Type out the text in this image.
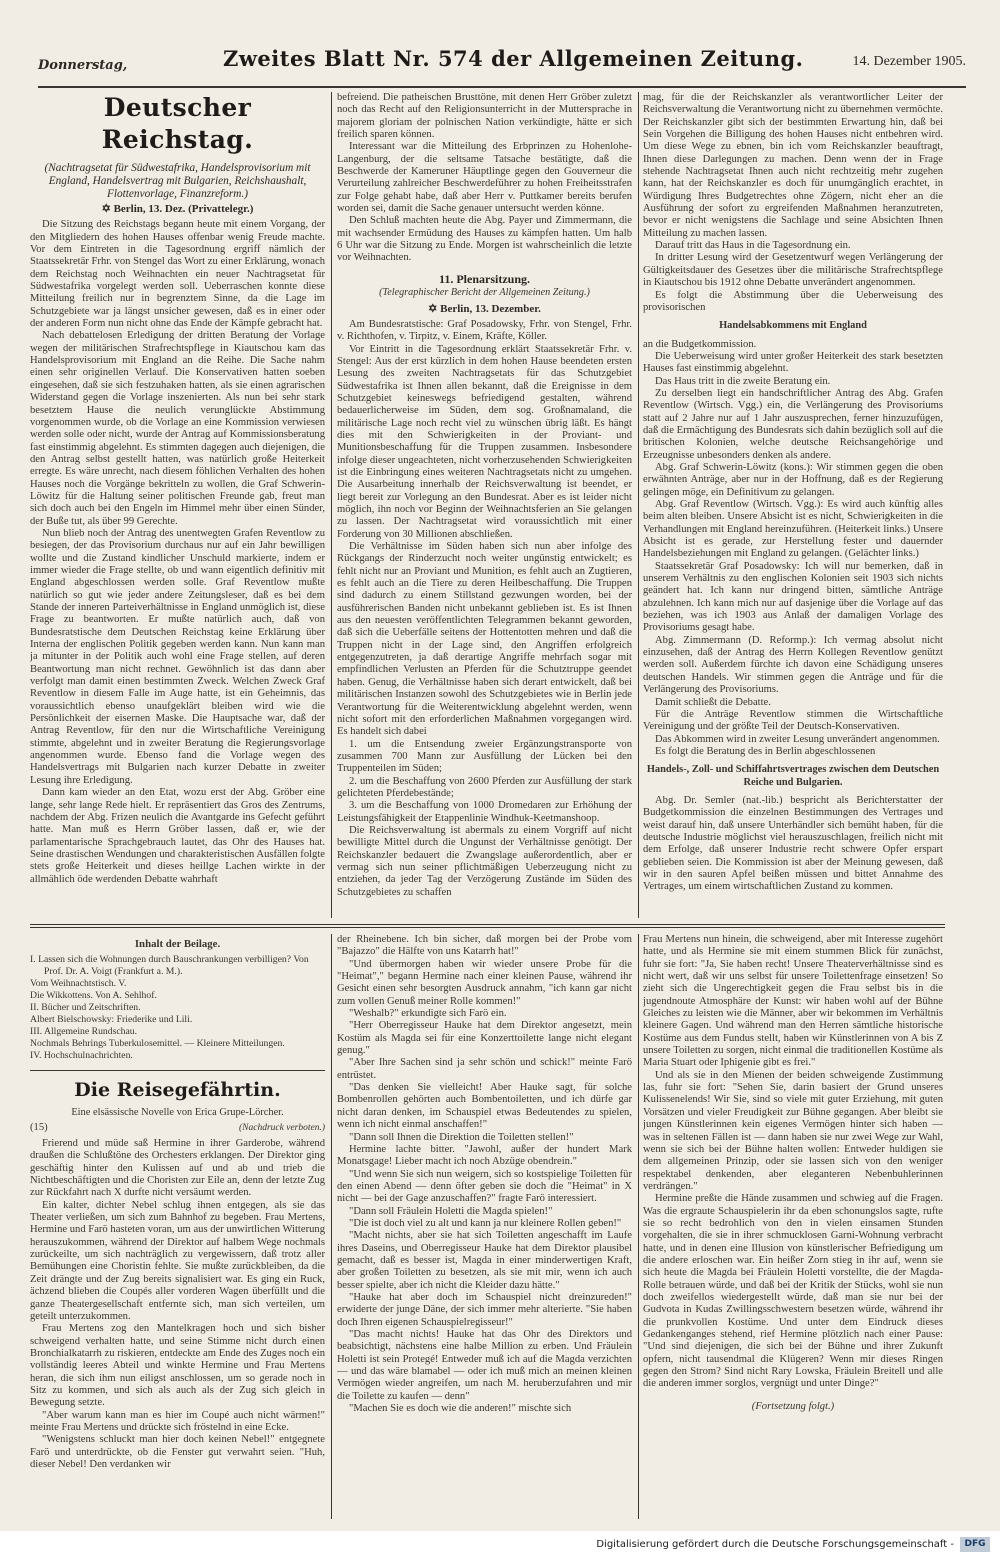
Donnerstag,	Zweites Blatt Nr. 574 der Allgemeinen Zeitung.	14. Dezember 1905.
Deutscher Reichstag.
(Nachtragsetat für Südwestafrika, Handelsprovisorium mit England, Handelsvertrag mit Bulgarien, Reichshaushalt, Flottenvorlage, Finanzreform.)
✡ Berlin, 13. Dez. (Privattelegr.)

Die Sitzung des Reichstags begann heute mit einem Vorgang, der den Mitgliedern des hohen Hauses offenbar wenig Freude machte. Vor dem Eintreten in die Tagesordnung ergriff nämlich der Staatssekretär Frhr. von Stengel das Wort zu einer Erklärung, wonach dem Reichstag noch Weihnachten ein neuer Nachtragsetat für Südwestafrika vorgelegt werden soll. Ueberraschen konnte diese Mitteilung freilich nur in begrenztem Sinne, da die Lage im Schutzgebiete war ja längst unsicher gewesen, daß es in einer oder der anderen Form nun nicht ohne das Ende der Kämpfe gebracht hat.

Nach debattelosen Erledigung der dritten Beratung der Vorlage wegen der militärischen Strafrechtspflege in Kiautschou kam das Handelsprovisorium mit England an die Reihe. Die Sache nahm einen sehr originellen Verlauf. Die Konservativen hatten soeben eingesehen, daß sie sich festzuhaken hatten, als sie einen agrarischen Widerstand gegen die Vorlage inszenierten. Als nun bei sehr stark besetztem Hause die neulich verunglückte Abstimmung vorgenommen wurde, ob die Vorlage an eine Kommission verwiesen werden solle oder nicht, wurde der Antrag auf Kommissionsberatung fast einstimmig abgelehnt. Es stimmten dagegen auch diejenigen, die den Antrag selbst gestellt hatten, was natürlich große Heiterkeit erregte. Es wäre unrecht, nach diesem föhlichen Verhalten des hohen Hauses noch die Vorgänge bekritteln zu wollen, die Graf Schwerin-Löwitz für die Haltung seiner politischen Freunde gab, freut man sich doch auch bei den Engeln im Himmel mehr über einen Sünder, der Buße tut, als über 99 Gerechte.

Nun blieb noch der Antrag des unentwegten Grafen Reventlow zu besiegen, der das Provisorium durchaus nur auf ein Jahr bewilligen wollte und die Zustand kindlicher Unschuld markierte, indem er immer wieder die Frage stellte, ob und wann eigentlich definitiv mit England abgeschlossen werden solle. Graf Reventlow mußte natürlich so gut wie jeder andere Zeitungsleser, daß es bei dem Stande der inneren Parteiverhältnisse in England unmöglich ist, diese Frage zu beantworten. Er mußte natürlich auch, daß von Bundesratstische dem Deutschen Reichstag keine Erklärung über Interna der englischen Politik gegeben werden kann. Nun kann man ja mitunter in der Politik auch wohl eine Frage stellen, auf deren Beantwortung man nicht rechnet. Gewöhnlich ist das dann aber verfolgt man damit einen bestimmten Zweck. Welchen Zweck Graf Reventlow in diesem Falle im Auge hatte, ist ein Geheimnis, das voraussichtlich ebenso unaufgeklärt bleiben wird wie die Persönlichkeit der eisernen Maske. Die Hauptsache war, daß der Antrag Reventlow, für den nur die Wirtschaftliche Vereinigung stimmte, abgelehnt und in zweiter Beratung die Regierungsvorlage angenommen wurde. Ebenso fand die Vorlage wegen des Handelsvertrags mit Bulgarien nach kurzer Debatte in zweiter Lesung ihre Erledigung.

Dann kam wieder an den Etat, wozu erst der Abg. Gröber eine lange, sehr lange Rede hielt. Er repräsentiert das Gros des Zentrums, nachdem der Abg. Frizen neulich die Avantgarde ins Gefecht geführt hatte. Man muß es Herrn Gröber lassen, daß er, wie der parlamentarische Sprachgebrauch lautet, das Ohr des Hauses hat. Seine drastischen Wendungen und charakteristischen Ausfällen folgte stets große Heiterkeit und dieses heillge Lachen wirkte in der allmählich öde werdenden Debatte wahrhaft

befreiend. Die patheischen Brusttöne, mit denen Herr Gröber zuletzt noch das Recht auf den Religionsunterricht in der Muttersprache in majorem gloriam der polnischen Nation verkündigte, hätte er sich freilich sparen können.

Interessant war die Mitteilung des Erbprinzen zu Hohenlohe-Langenburg, der die seltsame Tatsache bestätigte, daß die Beschwerde der Kameruner Häuptlinge gegen den Gouverneur die Verurteilung zahlreicher Beschwerdeführer zu hohen Freiheitsstrafen zur Folge gehabt habe, daß aber Herr v. Puttkamer bereits berufen worden sei, damit die Sache genauer untersucht werden könne.

Den Schluß machten heute die Abg. Payer und Zimmermann, die mit wachsender Ermüdung des Hauses zu kämpfen hatten. Um halb 6 Uhr war die Sitzung zu Ende. Morgen ist wahrscheinlich die letzte vor Weihnachten.

11. Plenarsitzung.
(Telegraphischer Bericht der Allgemeinen Zeitung.)
✡ Berlin, 13. Dezember.

Am Bundesratstische: Graf Posadowsky, Frhr. von Stengel, Frhr. v. Richthofen, v. Tirpitz, v. Einem, Kräfte, Köller.

Vor Eintritt in die Tagesordnung erklärt Staatssekretär Frhr. v. Stengel: Aus der erst kürzlich in dem hohen Hause beendeten ersten Lesung des zweiten Nachtragsetats für das Schutzgebiet Südwestafrika ist Ihnen allen bekannt, daß die Ereignisse in dem Schutzgebiet keineswegs befriedigend gestalten, während bedauerlicherweise im Süden, dem sog. Großnamaland, die militärische Lage noch recht viel zu wünschen übrig läßt. Es hängt dies mit den Schwierigkeiten in der Proviant- und Munitionsbeschaffung für die Truppen zusammen. Insbesondere infolge dieser ungeachteten, nicht vorherzusehenden Schwierigkeiten ist die Einbringung eines weiteren Nachtragsetats nicht zu umgehen. Die Ausarbeitung innerhalb der Reichsverwaltung ist beendet, er liegt bereit zur Vorlegung an den Bundesrat. Aber es ist leider nicht möglich, ihn noch vor Beginn der Weihnachtsferien an Sie gelangen zu lassen. Der Nachtragsetat wird voraussichtlich mit einer Forderung von 30 Millionen abschließen.

Die Verhältnisse im Süden haben sich nun aber infolge des Rückgangs der Rinderzucht noch weiter ungünstig entwickelt; es fehlt nicht nur an Proviant und Munition, es fehlt auch an Zugtieren, es fehlt auch an die Tiere zu deren Heilbeschaffung. Die Truppen sind dadurch zu einem Stillstand gezwungen worden, bei der ausführerischen Banden nicht unbekannt geblieben ist. Es ist Ihnen aus den neuesten veröffentlichten Telegrammen bekannt geworden, daß sich die Ueberfälle seitens der Hottentotten mehren und daß die Truppen nicht in der Lage sind, den Angriffen erfolgreich entgegenzutreten, ja daß derartige Angriffe mehrfach sogar mit empfindlichen Verlusten an Pferden für die Schutztruppe geendet haben. Genug, die Verhältnisse haben sich derart entwickelt, daß bei militärischen Instanzen sowohl des Schutzgebietes wie in Berlin jede Verantwortung für die Weiterentwicklung abgelehnt werden, wenn nicht sofort mit den erforderlichen Maßnahmen vorgegangen wird. Es handelt sich dabei

1. um die Entsendung zweier Ergänzungstransporte von zusammen 700 Mann zur Ausfüllung der Lücken bei den Truppenteilen im Süden;

2. um die Beschaffung von 2600 Pferden zur Ausfüllung der stark gelichteten Pferdebestände;

3. um die Beschaffung von 1000 Dromedaren zur Erhöhung der Leistungsfähigkeit der Etappenlinie Windhuk-Keetmanshoop.

Die Reichsverwaltung ist abermals zu einem Vorgriff auf nicht bewilligte Mittel durch die Ungunst der Verhältnisse genötigt. Der Reichskanzler bedauert die Zwangslage außerordentlich, aber er vermag sich nun seiner pflichtmäßigen Ueberzeugung nicht zu entziehen, da jeder Tag der Verzögerung Zustände im Süden des Schutzgebietes zu schaffen

mag, für die der Reichskanzler als verantwortlicher Leiter der Reichsverwaltung die Verantwortung nicht zu übernehmen vermöchte. Der Reichskanzler gibt sich der bestimmten Erwartung hin, daß bei Sein Vorgehen die Billigung des hohen Hauses nicht entbehren wird. Um diese Wege zu ebnen, bin ich vom Reichskanzler beauftragt, Ihnen diese Darlegungen zu machen. Denn wenn der in Frage stehende Nachtragsetat Ihnen auch nicht rechtzeitig mehr zugehen kann, hat der Reichskanzler es doch für unumgänglich erachtet, in Würdigung Ihres Budgetrechtes ohne Zögern, nicht eher an die Ausführung der sofort zu ergreifenden Maßnahmen heranzutreten, bevor er nicht wenigstens die Sachlage und seine Absichten Ihnen Mitteilung zu machen lassen.

Darauf tritt das Haus in die Tagesordnung ein.

In dritter Lesung wird der Gesetzentwurf wegen Verlängerung der Gültigkeitsdauer des Gesetzes über die militärische Strafrechtspflege in Kiautschou bis 1912 ohne Debatte unverändert angenommen.

Es folgt die Abstimmung über die Ueberweisung des provisorischen

Handelsabkommens mit England

an die Budgetkommission.

Die Ueberweisung wird unter großer Heiterkeit des stark besetzten Hauses fast einstimmig abgelehnt.

Das Haus tritt in die zweite Beratung ein.

Zu derselben liegt ein handschriftlicher Antrag des Abg. Grafen Reventlow (Wirtsch. Vgg.) ein, die Verlängerung des Provisoriums statt auf 2 Jahre nur auf 1 Jahr auszusprechen, ferner hinzuzufügen, daß die Ermächtigung des Bundesrats sich dahin bezüglich soll auf die britischen Kolonien, welche deutsche Reichsangehörige und Erzeugnisse unbesonders denken als andere.

Abg. Graf Schwerin-Löwitz (kons.): Wir stimmen gegen die oben erwähnten Anträge, aber nur in der Hoffnung, daß es der Regierung gelingen möge, ein Definitivum zu gelangen.

Abg. Graf Reventlow (Wirtsch. Vgg.): Es wird auch künftig alles beim alten bleiben. Unsere Absicht ist es nicht, Schwierigkeiten in die Verhandlungen mit England hereinzuführen. (Heiterkeit links.) Unsere Absicht ist es gerade, zur Herstellung fester und dauernder Handelsbeziehungen mit England zu gelangen. (Gelächter links.)

Staatssekretär Graf Posadowsky: Ich will nur bemerken, daß in unserem Verhältnis zu den englischen Kolonien seit 1903 sich nichts geändert hat. Ich kann nur dringend bitten, sämtliche Anträge abzulehnen. Ich kann mich nur auf dasjenige über die Vorlage auf das beziehen, was ich 1903 aus Anlaß der damaligen Vorlage des Provisoriums gesagt habe.

Abg. Zimmermann (D. Reformp.): Ich vermag absolut nicht einzusehen, daß der Antrag des Herrn Kollegen Reventlow genützt werden soll. Außerdem fürchte ich davon eine Schädigung unseres deutschen Handels. Wir stimmen gegen die Anträge und für die Verlängerung des Provisoriums.

Damit schließt die Debatte.

Für die Anträge Reventlow stimmen die Wirtschaftliche Vereinigung und der größte Teil der Deutsch-Konservativen.

Das Abkommen wird in zweiter Lesung unverändert angenommen.

Es folgt die Beratung des in Berlin abgeschlossenen

Handels-, Zoll- und Schiffahrtsvertrages zwischen dem Deutschen Reiche und Bulgarien.

Abg. Dr. Semler (nat.-lib.) bespricht als Berichterstatter der Budgetkommission die einzelnen Bestimmungen des Vertrages und weist darauf hin, daß unsere Unterhändler sich bemüht haben, für die deutsche Industrie möglichst viel herauszuschlagen, freilich nicht mit dem Erfolge, daß unserer Industrie recht schwere Opfer erspart geblieben seien. Die Kommission ist aber der Meinung gewesen, daß wir in den sauren Apfel beißen müssen und bittet Annahme des Vertrages, um einem wirtschaftlichen Zustand zu kommen.

Inhalt der Beilage.
I. Lassen sich die Wohnungen durch Bauschrankungen verbilligen? Von Prof. Dr. A. Voigt (Frankfurt a. M.).
Vom Weihnachtstisch. V.
Die Wikkottens. Von A. Sehlhof.
II. Bücher und Zeitschriften.
Albert Bielschowsky: Friederike und Lili.
III. Allgemeine Rundschau.
Nochmals Behrings Tuberkulosemittel. — Kleinere Mitteilungen.
IV. Hochschulnachrichten.
Die Reisegefährtin.
Eine elsässische Novelle von Erica Grupe-Lörcher.
(15)	(Nachdruck verboten.)

Frierend und müde saß Hermine in ihrer Garderobe, während draußen die Schlußtöne des Orchesters erklangen. Der Direktor ging geschäftig hinter den Kulissen auf und ab und trieb die Nichtbeschäftigten und die Choristen zur Eile an, denn der letzte Zug zur Rückfahrt nach X durfte nicht versäumt werden.

Ein kalter, dichter Nebel schlug ihnen entgegen, als sie das Theater verließen, um sich zum Bahnhof zu begeben. Frau Mertens, Hermine und Farö hasteten voran, um aus der unwirtlichen Witterung herauszukommen, während der Direktor auf halbem Wege nochmals zurückeilte, um sich nachträglich zu vergewissern, daß trotz aller Bemühungen eine Choristin fehlte. Sie mußte zurückbleiben, da die Zeit drängte und der Zug bereits signalisiert war. Es ging ein Ruck, ächzend blieben die Coupés aller vorderen Wagen überfüllt und die ganze Theatergesellschaft entfernte sich, man sich verteilen, um geteilt unterzukommen.

Frau Mertens zog den Mantelkragen hoch und sich bisher schweigend verhalten hatte, und seine Stimme nicht durch einen Bronchialkatarrh zu riskieren, entdeckte am Ende des Zuges noch ein vollständig leeres Abteil und winkte Hermine und Frau Mertens heran, die sich ihm nun eiligst anschlossen, um so gerade noch in Sitz zu kommen, und sich als auch als der Zug sich gleich in Bewegung setzte.

"Aber warum kann man es hier im Coupé auch nicht wärmen!" meinte Frau Mertens und drückte sich fröstelnd in eine Ecke.

"Wenigstens schluckt man hier doch keinen Nebel!" entgegnete Farö und unterdrückte, ob die Fenster gut verwahrt seien. "Huh, dieser Nebel! Den verdanken wir

der Rheinebene. Ich bin sicher, daß morgen bei der Probe vom "Bajazzo" die Hälfte von uns Katarrh hat!"

"Und übermorgen haben wir wieder unsere Probe für die "Heimat"," begann Hermine nach einer kleinen Pause, während ihr Gesicht einen sehr besorgten Ausdruck annahm, "ich kann gar nicht zum vollen Genuß meiner Rolle kommen!"

"Weshalb?" erkundigte sich Farö ein.

"Herr Oberregisseur Hauke hat dem Direktor angesetzt, mein Kostüm als Magda sei für eine Konzerttoilette lange nicht elegant genug."

"Aber Ihre Sachen sind ja sehr schön und schick!" meinte Farö entrüstet.

"Das denken Sie vielleicht! Aber Hauke sagt, für solche Bombenrollen gehörten auch Bombentoiletten, und ich dürfe gar nicht daran denken, im Schauspiel etwas Bedeutendes zu spielen, wenn ich nicht einmal anschaffen!"

"Dann soll Ihnen die Direktion die Toiletten stellen!"

Hermine lachte bitter. "Jawohl, außer der hundert Mark Monatsgage! Lieber macht ich noch Abzüge obendrein."

"Und wenn Sie sich nun weigern, sich so kostspielige Toiletten für den einen Abend — denn öfter geben sie doch die "Heimat" in X nicht — bei der Gage anzuschaffen?" fragte Farö interessiert.

"Dann soll Fräulein Holetti die Magda spielen!"

"Die ist doch viel zu alt und kann ja nur kleinere Rollen geben!"

"Macht nichts, aber sie hat sich Toiletten angeschafft im Laufe ihres Daseins, und Oberregisseur Hauke hat dem Direktor plausibel gemacht, daß es besser ist, Magda in einer minderwertigen Kraft, aber großen Toiletten zu besetzen, als sie mit mir, wenn ich auch besser spielte, aber ich nicht die Kleider dazu hätte."

"Hauke hat aber doch im Schauspiel nicht dreinzureden!" erwiderte der junge Däne, der sich immer mehr alterierte. "Sie haben doch Ihren eigenen Schauspielregisseur!"

"Das macht nichts! Hauke hat das Ohr des Direktors und beabsichtigt, nächstens eine halbe Million zu erben. Und Fräulein Holetti ist sein Protegé! Entweder muß ich auf die Magda verzichten — und das wäre blamabel — oder ich muß mich an meinen kleinen Vermögen wieder angreifen, um nach M. heruberzufahren und mir die Toilette zu kaufen — denn"

"Machen Sie es doch wie die anderen!" mischte sich

Frau Mertens nun hinein, die schweigend, aber mit Interesse zugehört hatte, und als Hermine sie mit einem stummen Blick für zunächst, fuhr sie fort: "Ja, Sie haben recht! Unsere Theaterverhältnisse sind es nicht wert, daß wir uns selbst für unsere Toilettenfrage einsetzen! So zieht sich die Ungerechtigkeit gegen die Frau selbst bis in die jugendnoute Atmosphäre der Kunst: wir haben wohl auf der Bühne Gleiches zu leisten wie die Männer, aber wir bekommen im Verhältnis kleinere Gagen. Und während man den Herren sämtliche historische Kostüme aus dem Fundus stellt, haben wir Künstlerinnen von A bis Z unsere Toiletten zu sorgen, nicht einmal die traditionellen Kostüme als Maria Stuart oder Iphigenie gibt es frei."

Und als sie in den Mienen der beiden schweigende Zustimmung las, fuhr sie fort: "Sehen Sie, darin basiert der Grund unseres Kulissenelends! Wir Sie, sind so viele mit guter Erziehung, mit guten Vorsätzen und vieler Freudigkeit zur Bühne gegangen. Aber bleibt sie jungen Künstlerinnen kein eigenes Vermögen hinter sich haben — was in seltenen Fällen ist — dann haben sie nur zwei Wege zur Wahl, wenn sie sich bei der Bühne halten wollen: Entweder huldigen sie dem allgemeinen Prinzip, oder sie lassen sich von den weniger respektabel denkenden, aber eleganteren Nebenbuhlerinnen verdrängen."

Hermine preßte die Hände zusammen und schwieg auf die Fragen. Was die ergraute Schauspielerin ihr da eben schonungslos sagte, rufte sie so recht bedrohlich von den in vielen einsamen Stunden vorgehalten, die sie in ihrer schmucklosen Garni-Wohnung verbracht hatte, und in denen eine Illusion von künstlerischer Befriedigung um die andere erloschen war. Ein heißer Zorn stieg in ihr auf, wenn sie sich heute die Magda bei Fräulein Holetti vorstellte, die der Magda-Rolle betrauen würde, und daß bei der Kritik der Stücks, wohl sie nun doch zweifellos wiedergestellt würde, daß man sie nur bei der Gudvota in Kudas Zwillingsschwestern besetzen würde, während ihr die prunkvollen Kostüme. Und unter dem Eindruck dieses Gedankenganges stehend, rief Hermine plötzlich nach einer Pause: "Und sind diejenigen, die sich bei der Bühne und ihrer Zukunft opfern, nicht tausendmal die Klügeren? Wenn mir dieses Ringen gegen den Strom? Sind nicht Rary Lowska, Fräulein Breitell und alle die anderen immer sorglos, vergnügt und unter Dinge?"

(Fortsetzung folgt.)
Digitalisierung gefördert durch die Deutsche Forschungsgemeinschaft -	DFG
